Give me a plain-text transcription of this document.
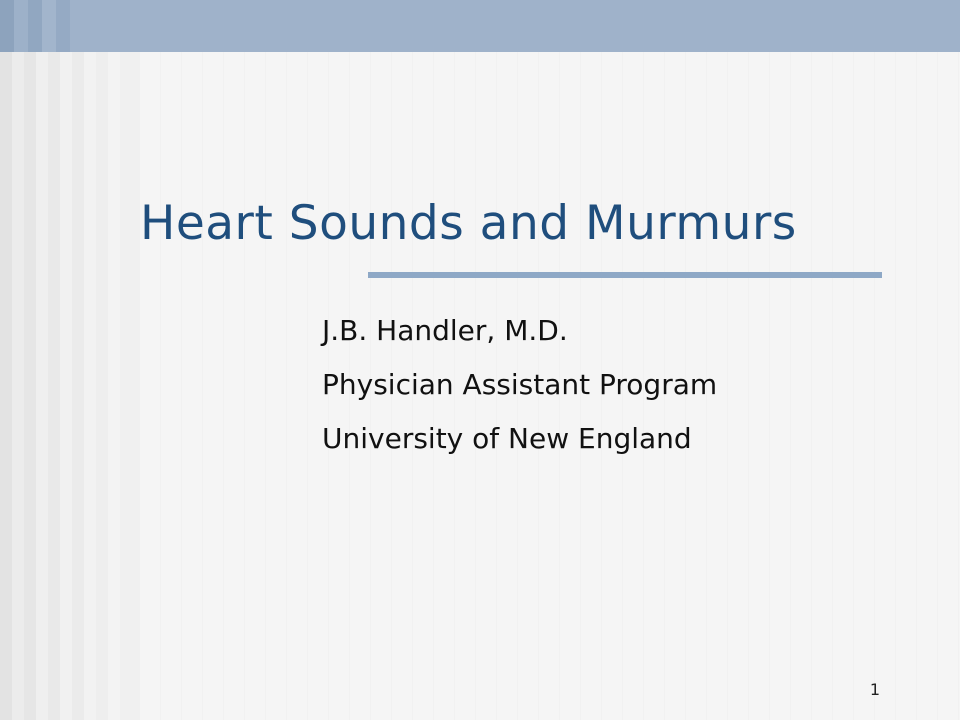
Heart Sounds and Murmurs
J.B. Handler, M.D.
Physician Assistant Program
University of New England
1
